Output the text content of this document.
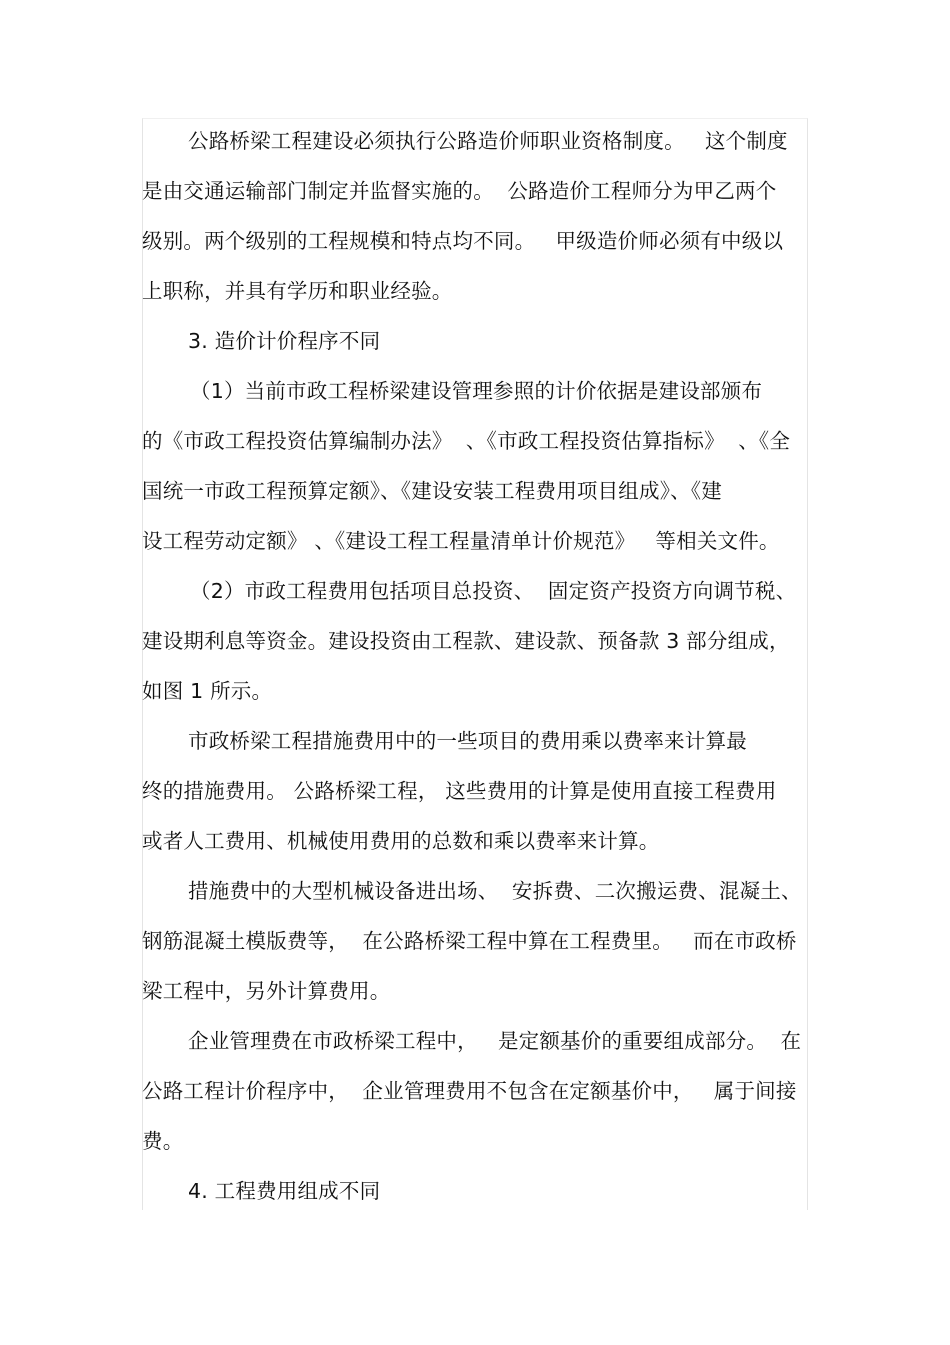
公路桥梁工程建设必须执行公路造价师职业资格制度。   这个制度
是由交通运输部门制定并监督实施的。  公路造价工程师分为甲乙两个
级别。两个级别的工程规模和特点均不同。   甲级造价师必须有中级以
上职称，并具有学历和职业经验。
3. 造价计价程序不同
（1）当前市政工程桥梁建设管理参照的计价依据是建设部颁布
的《市政工程投资估算编制办法》  、《市政工程投资估算指标》  、《全
国统一市政工程预算定额》、《建设安装工程费用项目组成》、《建
设工程劳动定额》 、《建设工程工程量清单计价规范》   等相关文件。
（2）市政工程费用包括项目总投资、  固定资产投资方向调节税、
建设期利息等资金。建设投资由工程款、建设款、预备款 3 部分组成，
如图 1 所示。
市政桥梁工程措施费用中的一些项目的费用乘以费率来计算最
终的措施费用。 公路桥梁工程， 这些费用的计算是使用直接工程费用
或者人工费用、机械使用费用的总数和乘以费率来计算。
措施费中的大型机械设备进出场、  安拆费、二次搬运费、混凝土、
钢筋混凝土模版费等，  在公路桥梁工程中算在工程费里。   而在市政桥
梁工程中，另外计算费用。
企业管理费在市政桥梁工程中，   是定额基价的重要组成部分。  在
公路工程计价程序中，  企业管理费用不包含在定额基价中，   属于间接
费。
4. 工程费用组成不同
